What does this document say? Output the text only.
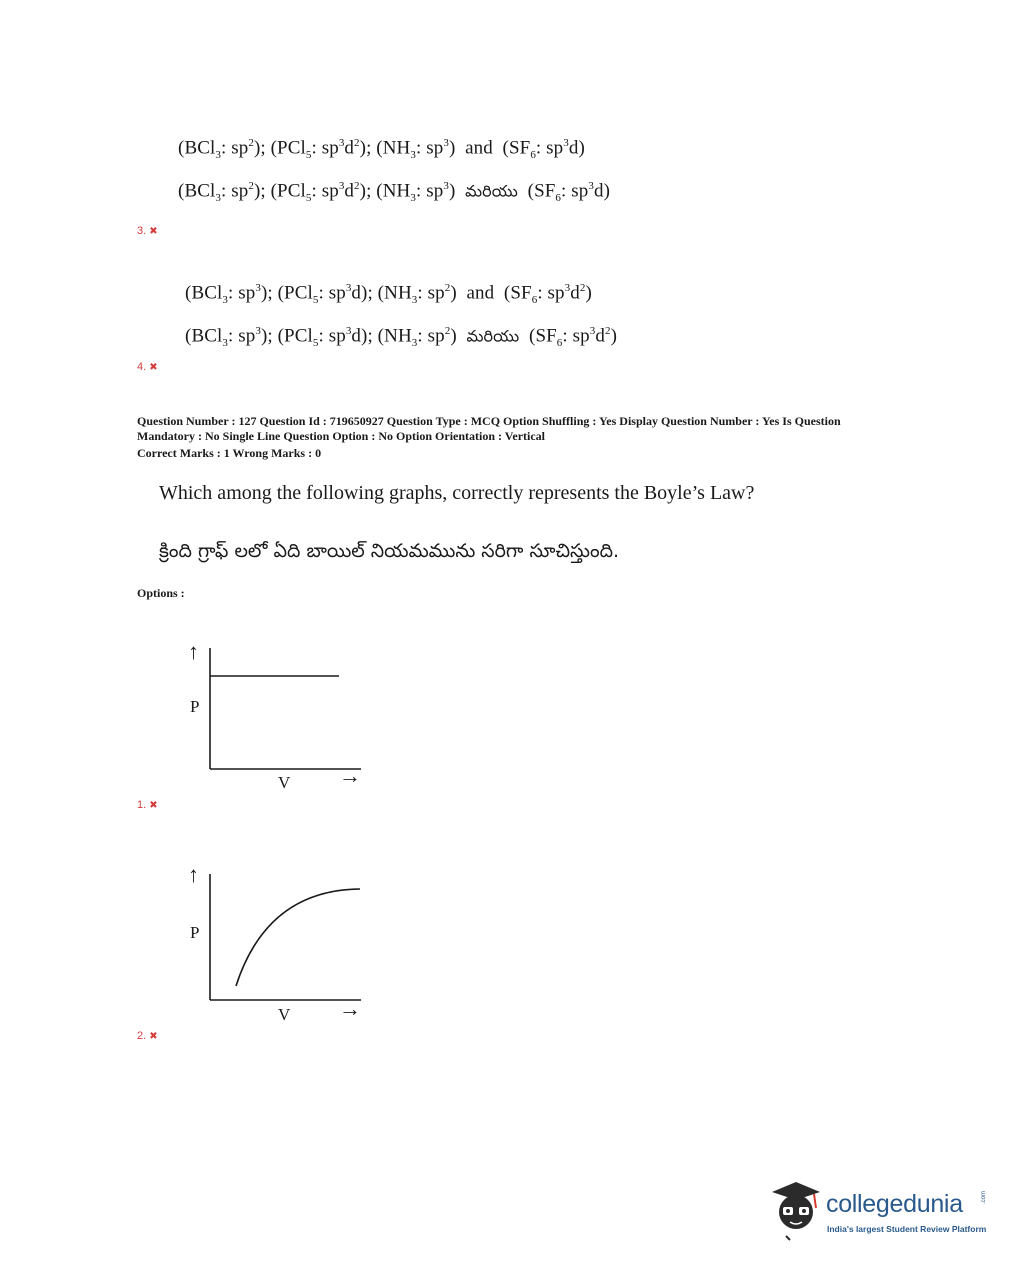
(BCl$_3$: $sp^2$); (PCl$_5$: $sp^3d^2$); ($NH_3$: $sp^3$)  and  ($SF_6$: $sp^3d$)
(BCl$_3$: $sp^2$); (PCl$_5$: $sp^3d^2$); ($NH_3$: $sp^3$)  మరియు  ($SF_6$: $sp^3d$)
3. ✖
(BCl$_3$: $sp^3$); (PCl$_5$: $sp^3d$); ($NH_3$: $sp^2$)  and  ($SF_6$: $sp^3d^2$)
(BCl$_3$: $sp^3$); (PCl$_5$: $sp^3d$); ($NH_3$: $sp^2$)  మరియు  ($SF_6$: $sp^3d^2$)
4. ✖
Question Number : 127 Question Id : 719650927 Question Type : MCQ Option Shuffling : Yes Display Question Number : Yes Is Question
Mandatory : No Single Line Question Option : No Option Orientation : Vertical
Correct Marks : 1 Wrong Marks : 0
Which among the following graphs, correctly represents the Boyle’s Law?
క్రింది గ్రాఫ్ లలో ఏది బాయిల్ నియమమును సరిగా సూచిస్తుంది.
Options :
↑
P
V →
1. ✖
↑
P
V →
2. ✖
collegedunia	.com
India's largest Student Review Platform
